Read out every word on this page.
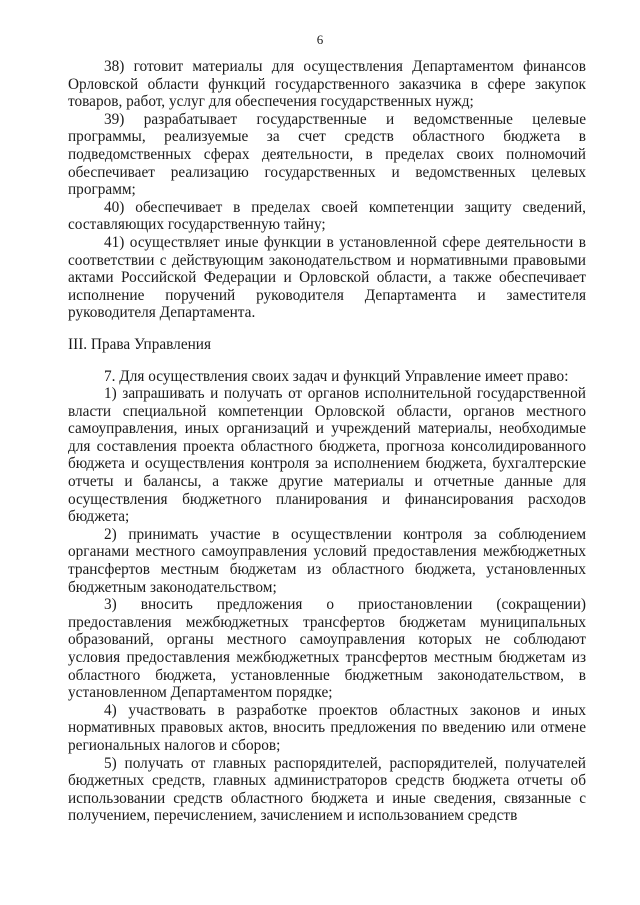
6

38) готовит материалы для осуществления Департаментом финансов Орловской области функций государственного заказчика в сфере закупок товаров, работ, услуг для обеспечения государственных нужд;

39) разрабатывает государственные и ведомственные целевые программы, реализуемые за счет средств областного бюджета в подведомственных сферах деятельности, в пределах своих полномочий обеспечивает реализацию государственных и ведомственных целевых программ;

40) обеспечивает в пределах своей компетенции защиту сведений, составляющих государственную тайну;

41) осуществляет иные функции в установленной сфере деятельности в соответствии с действующим законодательством и нормативными правовыми актами Российской Федерации и Орловской области, а также обеспечивает исполнение поручений руководителя Департамента и заместителя руководителя Департамента.

III. Права Управления

7. Для осуществления своих задач и функций Управление имеет право:

1) запрашивать и получать от органов исполнительной государственной власти специальной компетенции Орловской области, органов местного самоуправления, иных организаций и учреждений материалы, необходимые для составления проекта областного бюджета, прогноза консолидированного бюджета и осуществления контроля за исполнением бюджета, бухгалтерские отчеты и балансы, а также другие материалы и отчетные данные для осуществления бюджетного планирования и финансирования расходов бюджета;

2) принимать участие в осуществлении контроля за соблюдением органами местного самоуправления условий предоставления межбюджетных трансфертов местным бюджетам из областного бюджета, установленных бюджетным законодательством;

3) вносить предложения о приостановлении (сокращении) предоставления межбюджетных трансфертов бюджетам муниципальных образований, органы местного самоуправления которых не соблюдают условия предоставления межбюджетных трансфертов местным бюджетам из областного бюджета, установленные бюджетным законодательством, в установленном Департаментом порядке;

4) участвовать в разработке проектов областных законов и иных нормативных правовых актов, вносить предложения по введению или отмене региональных налогов и сборов;

5) получать от главных распорядителей, распорядителей, получателей бюджетных средств, главных администраторов средств бюджета отчеты об использовании средств областного бюджета и иные сведения, связанные с получением, перечислением, зачислением и использованием средств
